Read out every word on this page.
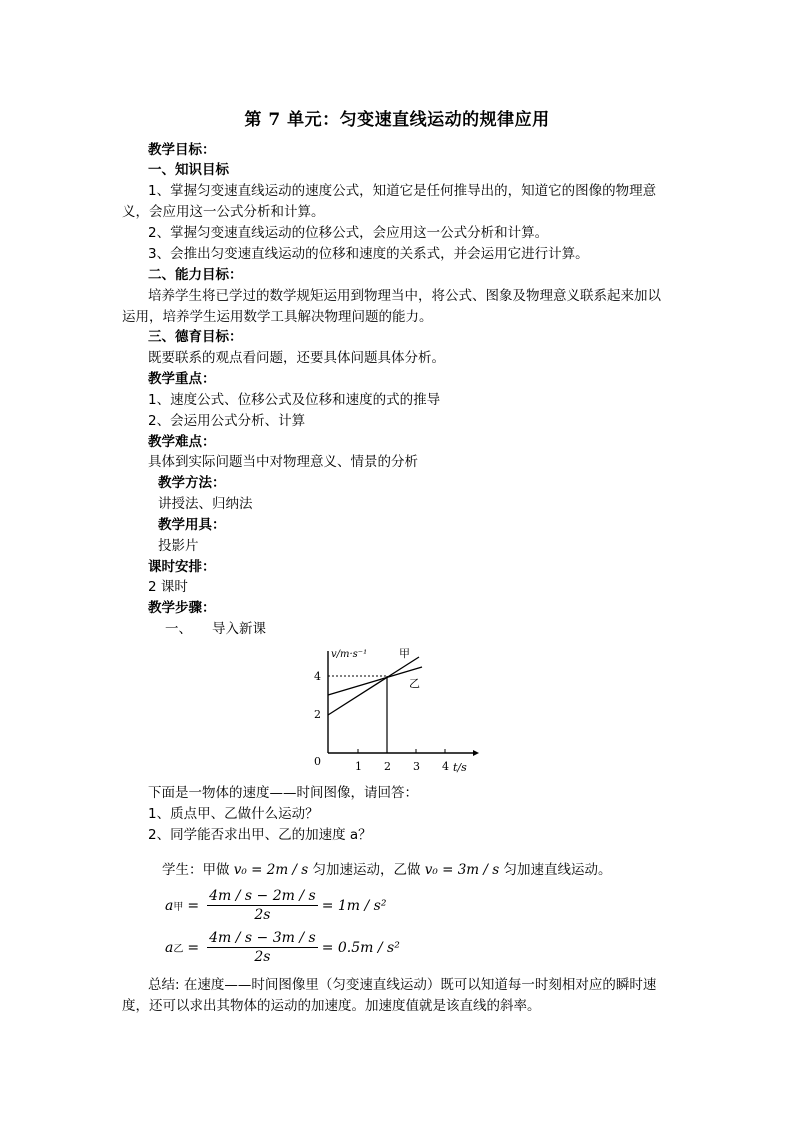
第 7 单元：匀变速直线运动的规律应用
教学目标：
一、知识目标
1、掌握匀变速直线运动的速度公式，知道它是任何推导出的，知道它的图像的物理意
义，会应用这一公式分析和计算。
2、掌握匀变速直线运动的位移公式，会应用这一公式分析和计算。
3、会推出匀变速直线运动的位移和速度的关系式，并会运用它进行计算。
二、能力目标：
培养学生将已学过的数学规矩运用到物理当中，将公式、图象及物理意义联系起来加以
运用，培养学生运用数学工具解决物理问题的能力。
三、德育目标：
既要联系的观点看问题，还要具体问题具体分析。
教学重点：
1、速度公式、位移公式及位移和速度的式的推导
2、会运用公式分析、计算
教学难点：
具体到实际问题当中对物理意义、情景的分析
教学方法：
讲授法、归纳法
教学用具：
投影片
课时安排：
2 课时
教学步骤：
一、 导入新课
v/m·s⁻¹
t/s
0	1 2 3 4
4
2
甲
乙
下面是一物体的速度——时间图像，请回答：
1、质点甲、乙做什么运动？
2、同学能否求出甲、乙的加速度 a？
学生：甲做 v₀ = 2m / s 匀加速运动，乙做 v₀ = 3m / s 匀加速直线运动。
a 甲 = $\frac{4m / s - 2m / s}{2s} = 1m / s^2$
a 乙 = $\frac{4m / s - 3m / s}{2s} = 0.5m / s^2$
总结: 在速度——时间图像里（匀变速直线运动）既可以知道每一时刻相对应的瞬时速
度，还可以求出其物体的运动的加速度。加速度值就是该直线的斜率。
